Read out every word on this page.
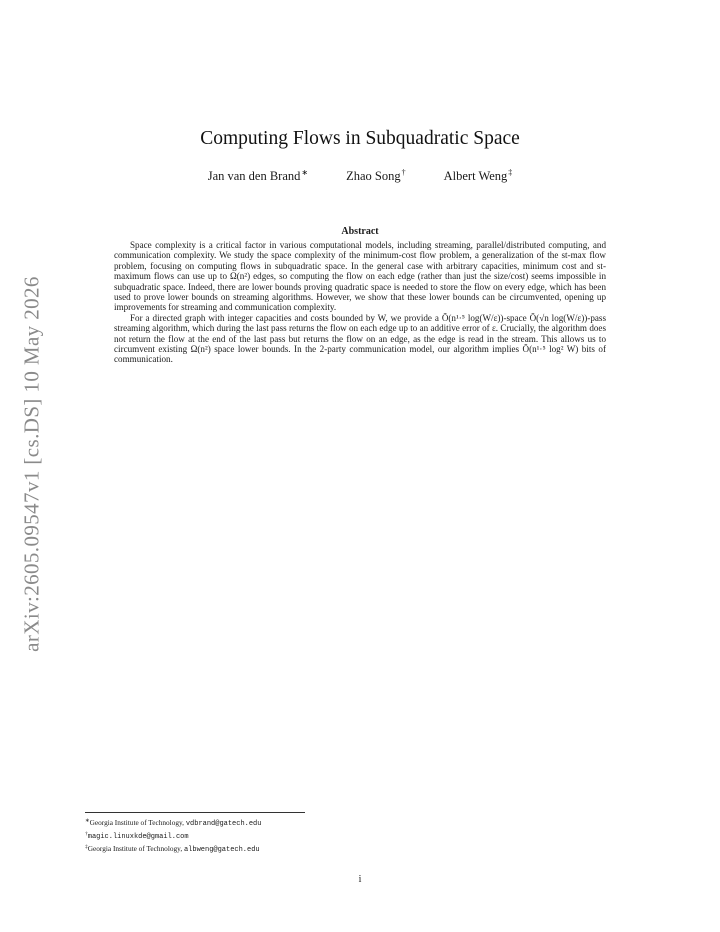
arXiv:2605.09547v1 [cs.DS] 10 May 2026
Computing Flows in Subquadratic Space
Jan van den Brand∗	Zhao Song†	Albert Weng‡
Abstract

Space complexity is a critical factor in various computational models, including streaming, parallel/distributed computing, and communication complexity. We study the space complexity of the minimum-cost flow problem, a generalization of the st-max flow problem, focusing on computing flows in subquadratic space. In the general case with arbitrary capacities, minimum cost and st-maximum flows can use up to Ω(n²) edges, so computing the flow on each edge (rather than just the size/cost) seems impossible in subquadratic space. Indeed, there are lower bounds proving quadratic space is needed to store the flow on every edge, which has been used to prove lower bounds on streaming algorithms. However, we show that these lower bounds can be circumvented, opening up improvements for streaming and communication complexity.

For a directed graph with integer capacities and costs bounded by W, we provide a Õ(n¹·⁵ log(W/ε))-space Õ(√n log(W/ε))-pass streaming algorithm, which during the last pass returns the flow on each edge up to an additive error of ε. Crucially, the algorithm does not return the flow at the end of the last pass but returns the flow on an edge, as the edge is read in the stream. This allows us to circumvent existing Ω(n²) space lower bounds. In the 2-party communication model, our algorithm implies Õ(n¹·⁵ log² W) bits of communication.

∗Georgia Institute of Technology, vdbrand@gatech.edu
†magic.linuxkde@gmail.com
‡Georgia Institute of Technology, albweng@gatech.edu
i
